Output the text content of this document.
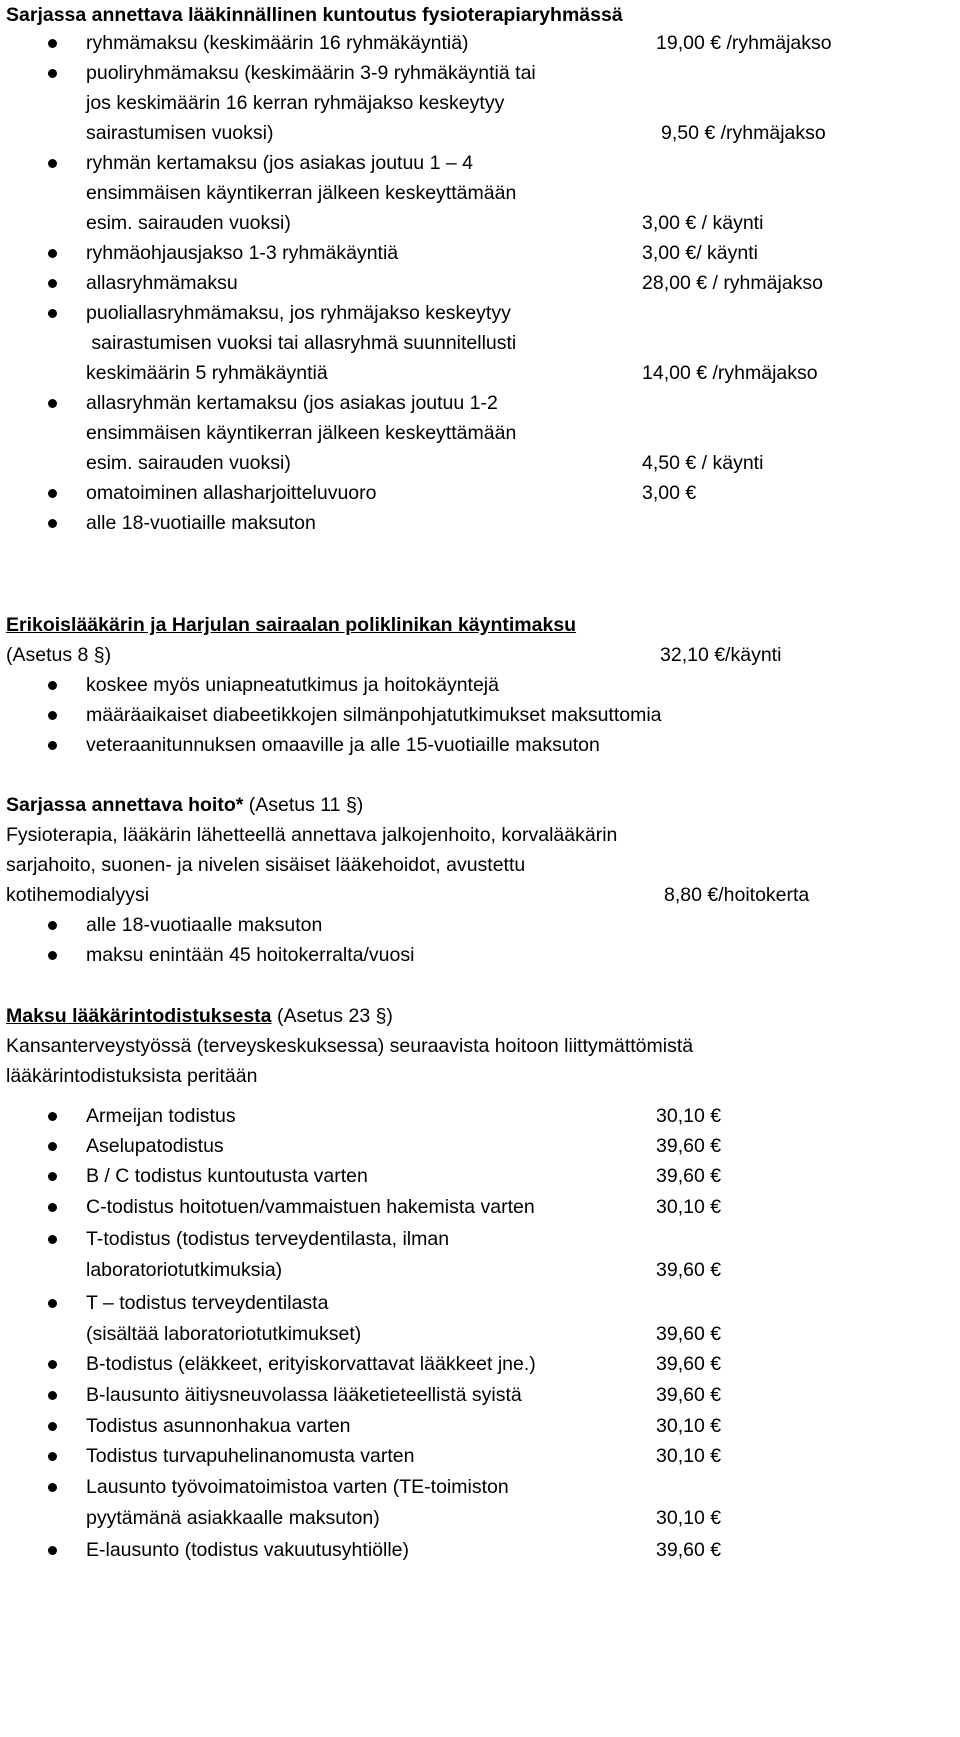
Sarjassa annettava lääkinnällinen kuntoutus fysioterapiaryhmässä
ryhmämaksu (keskimäärin 16 ryhmäkäyntiä)	19,00 € /ryhmäjakso
puoliryhmämaksu (keskimäärin 3-9 ryhmäkäyntiä tai
jos keskimäärin 16 kerran ryhmäjakso keskeytyy
sairastumisen vuoksi)	9,50 € /ryhmäjakso
ryhmän kertamaksu (jos asiakas joutuu 1 – 4
ensimmäisen käyntikerran jälkeen keskeyttämään
esim. sairauden vuoksi)	3,00 € / käynti
ryhmäohjausjakso 1-3 ryhmäkäyntiä	3,00 €/ käynti
allasryhmämaksu	28,00 € / ryhmäjakso
puoliallasryhmämaksu, jos ryhmäjakso keskeytyy
sairastumisen vuoksi tai allasryhmä suunnitellusti
keskimäärin 5 ryhmäkäyntiä	14,00 € /ryhmäjakso
allasryhmän kertamaksu (jos asiakas joutuu 1-2
ensimmäisen käyntikerran jälkeen keskeyttämään
esim. sairauden vuoksi)	4,50 € / käynti
omatoiminen allasharjoitteluvuoro	3,00 €
alle 18-vuotiaille maksuton
Erikoislääkärin ja Harjulan sairaalan poliklinikan käyntimaksu
(Asetus 8 §)	32,10 €/käynti
koskee myös uniapneatutkimus ja hoitokäyntejä
määräaikaiset diabeetikkojen silmänpohjatutkimukset maksuttomia
veteraanitunnuksen omaaville ja alle 15-vuotiaille maksuton
Sarjassa annettava hoito* (Asetus 11 §)
Fysioterapia, lääkärin lähetteellä annettava jalkojenhoito, korvalääkärin
sarjahoito, suonen- ja nivelen sisäiset lääkehoidot, avustettu
kotihemodialyysi	8,80 €/hoitokerta
alle 18-vuotiaalle maksuton
maksu enintään 45 hoitokerralta/vuosi
Maksu lääkärintodistuksesta (Asetus 23 §)
Kansanterveystyössä (terveyskeskuksessa) seuraavista hoitoon liittymättömistä
lääkärintodistuksista peritään
Armeijan todistus	30,10 €
Aselupatodistus	39,60 €
B / C todistus kuntoutusta varten	39,60 €
C-todistus hoitotuen/vammaistuen hakemista varten	30,10 €
T-todistus (todistus terveydentilasta, ilman
laboratoriotutkimuksia)	39,60 €
T – todistus terveydentilasta
(sisältää laboratoriotutkimukset)	39,60 €
B-todistus (eläkkeet, erityiskorvattavat lääkkeet jne.)	39,60 €
B-lausunto äitiysneuvolassa lääketieteellistä syistä	39,60 €
Todistus asunnonhakua varten	30,10 €
Todistus turvapuhelinanomusta varten	30,10 €
Lausunto työvoimatoimistoa varten (TE-toimiston
pyytämänä asiakkaalle maksuton)	30,10 €
E-lausunto (todistus vakuutusyhtiölle)	39,60 €
